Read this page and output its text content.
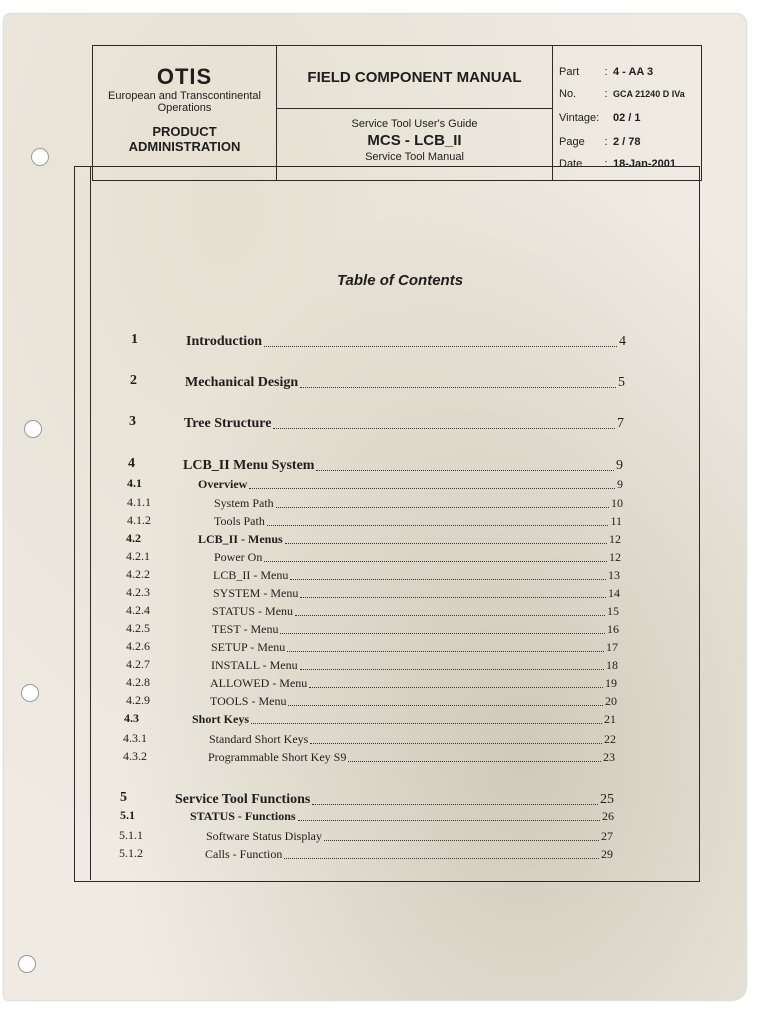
OTIS
European and Transcontinental
Operations
PRODUCT
ADMINISTRATION
FIELD COMPONENT MANUAL
Service Tool User's Guide
MCS - LCB_II
Service Tool Manual
Part	: 4 - AA 3
No.	: GCA 21240 D IVa
Vintage:	02 / 1
Page	: 2 / 78
Date	: 18-Jan-2001
Table of Contents
1	Introduction	4
2	Mechanical Design	5
3	Tree Structure	7
4	LCB_II Menu System	9
4.1	Overview	9
4.1.1	System Path	10
4.1.2	Tools Path	11
4.2	LCB_II - Menus	12
4.2.1	Power On	12
4.2.2	LCB_II - Menu	13
4.2.3	SYSTEM - Menu	14
4.2.4	STATUS - Menu	15
4.2.5	TEST - Menu	16
4.2.6	SETUP - Menu	17
4.2.7	INSTALL - Menu	18
4.2.8	ALLOWED - Menu	19
4.2.9	TOOLS - Menu	20
4.3	Short Keys	21
4.3.1	Standard Short Keys	22
4.3.2	Programmable Short Key S9	23
5	Service Tool Functions	25
5.1	STATUS - Functions	26
5.1.1	Software Status Display	27
5.1.2	Calls - Function	29
